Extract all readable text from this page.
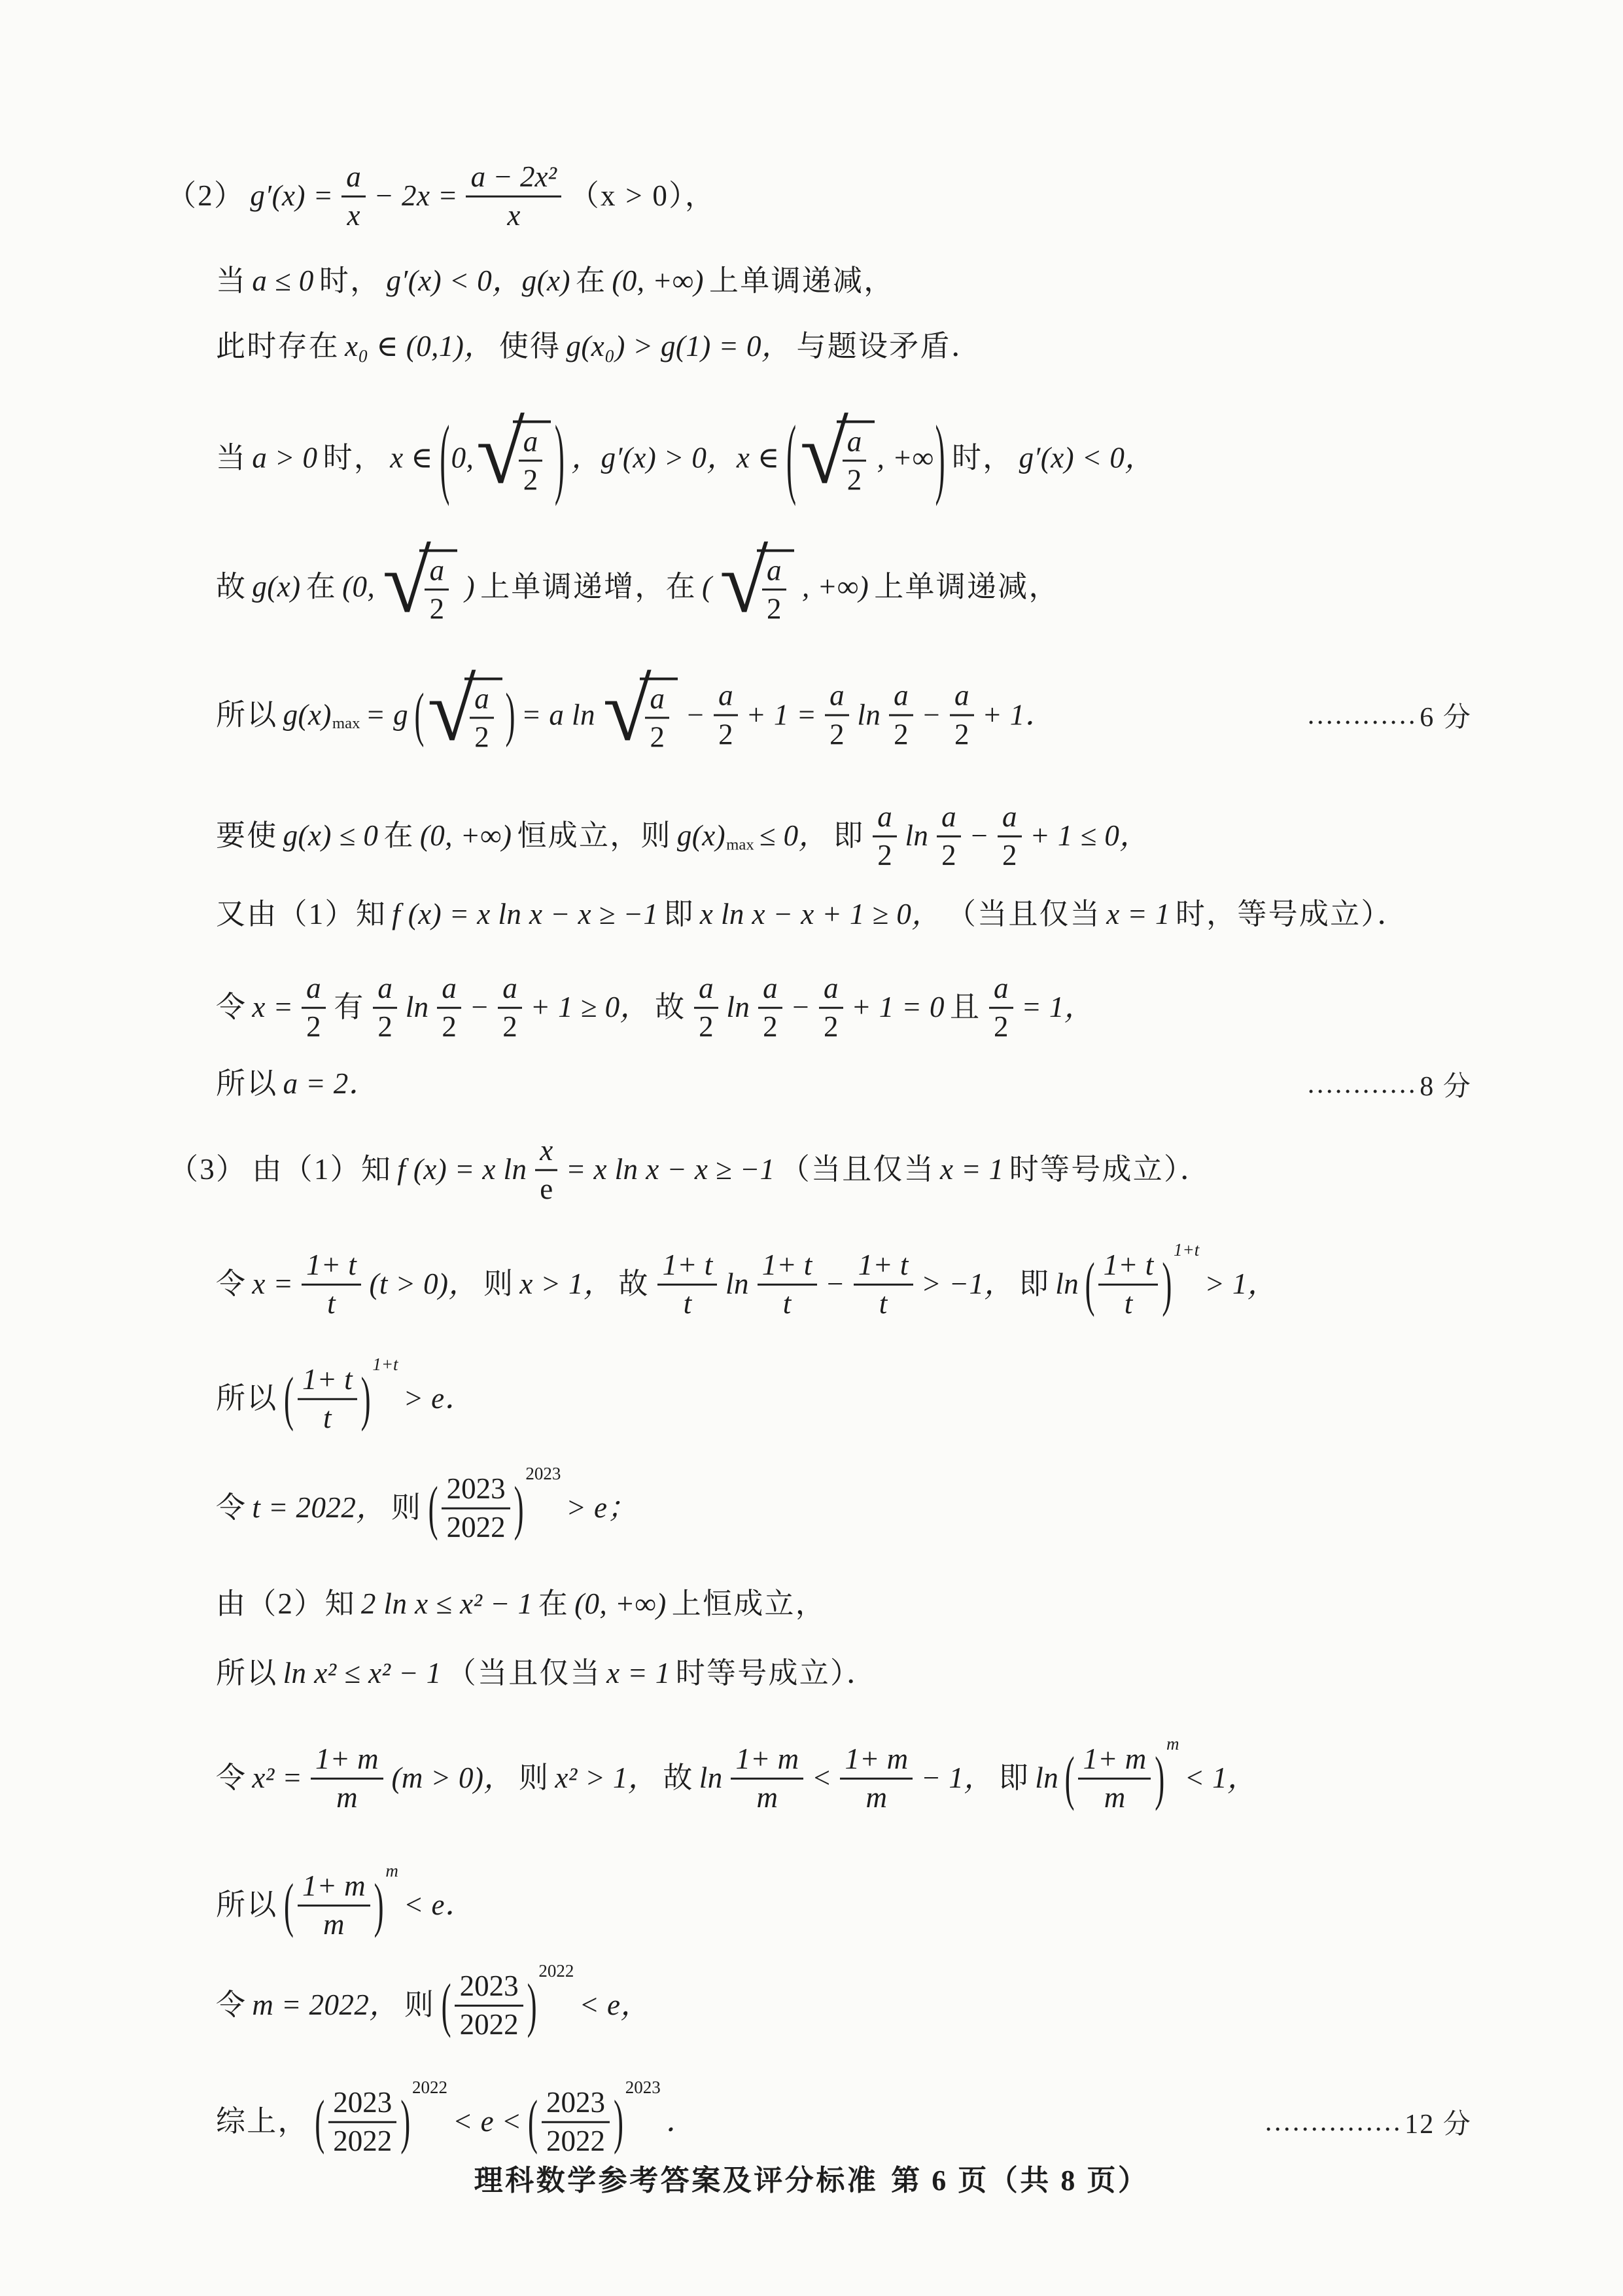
（2） $g'(x) = \frac{a}{x} - 2x = \frac{\text{a − 2x²}}{x} (x > 0)$，
当 a ≤ 0 时， g′(x) < 0，g(x) 在 (0, +∞) 上单调递减，
此时存在 x₀ ∈ (0,1)， 使得 g(x₀) > g(1) = 0， 与题设矛盾．
当 a > 0 时， x ∈ ( 0, √
$\frac{a}{2}$ ) ，g′(x) > 0，x ∈ ( √
$\frac{a}{2}$ , +∞ ) 时， g′(x) < 0，
故 g(x) 在 (0, √
$\frac{a}{2}$ ) 上单调递增，在 ( √
$\frac{a}{2}$ , +∞) 上单调递减，
所以 g(x) max = g ( √
$\frac{a}{2}$ ) = a ln √
$\frac{a}{2} - \frac{a}{2} + 1 = \frac{a}{2}$ $\ln \frac{a}{2} - \frac{a}{2} + 1$．	………… 6 分
要使 g(x) ≤ 0 在 (0, +∞) 恒成立，则 g(x) max ≤ 0， 即 $\frac{a}{2}$ $\ln \frac{a}{2} - \frac{a}{2} + 1 \le 0$，
又由（1）知 f (x) = x ln x − x ≥ −1 即 x ln x − x + 1 ≥ 0， （当且仅当 x = 1 时，等号成立）．
令 $x = \frac{a}{2}$ 有 $\frac{a}{2}$ $\ln \frac{a}{2} - \frac{a}{2} + 1 \ge 0$， 故 $\frac{a}{2}$ $\ln \frac{a}{2} - \frac{a}{2} + 1 = 0$ 且 $\frac{a}{2} = 1$，
所以 a = 2．	………… 8 分
（3） 由（1）知 f (x) = x $\ln \frac{x}{e} = x$ ln x − x ≥ −1 （当且仅当 x = 1 时等号成立）．
令 $x = \frac{1+ t}{t} (t > 0)$， 则 x > 1， 故 $\frac{1+ t}{t}$ $\ln \frac{1+ t}{t} - \frac{1+ t}{t} > -1$， 即 ln ( $\frac{1+ t}{t}$ )
1+t
> 1，
所以 ( $\frac{1+ t}{t}$ )
1+t
> e．
令 t = 2022， 则 ( $\frac{2023}{2022}$ )
2023
> e；
由（2）知 2 ln x ≤ x² − 1 在 (0, +∞) 上恒成立，
所以 ln x² ≤ x² − 1 （当且仅当 x = 1 时等号成立）．
令 $x^2 = \frac{1+ m}{m} (m > 0)$， 则 x² > 1， 故 $\ln \frac{1+ m}{m} < \frac{1+ m}{m} - 1$， 即 ln ( $\frac{1+ m}{m}$ )
m
< 1，
所以 ( $\frac{1+ m}{m}$ )
m
< e．
令 m = 2022， 则 ( $\frac{2023}{2022}$ )
2022
< e，
综上， ( $\frac{2023}{2022}$ )
2022
< e < ( $\frac{2023}{2022}$ )
2023
．	…………… 12 分
理科数学参考答案及评分标准 第 6 页（共 8 页）
